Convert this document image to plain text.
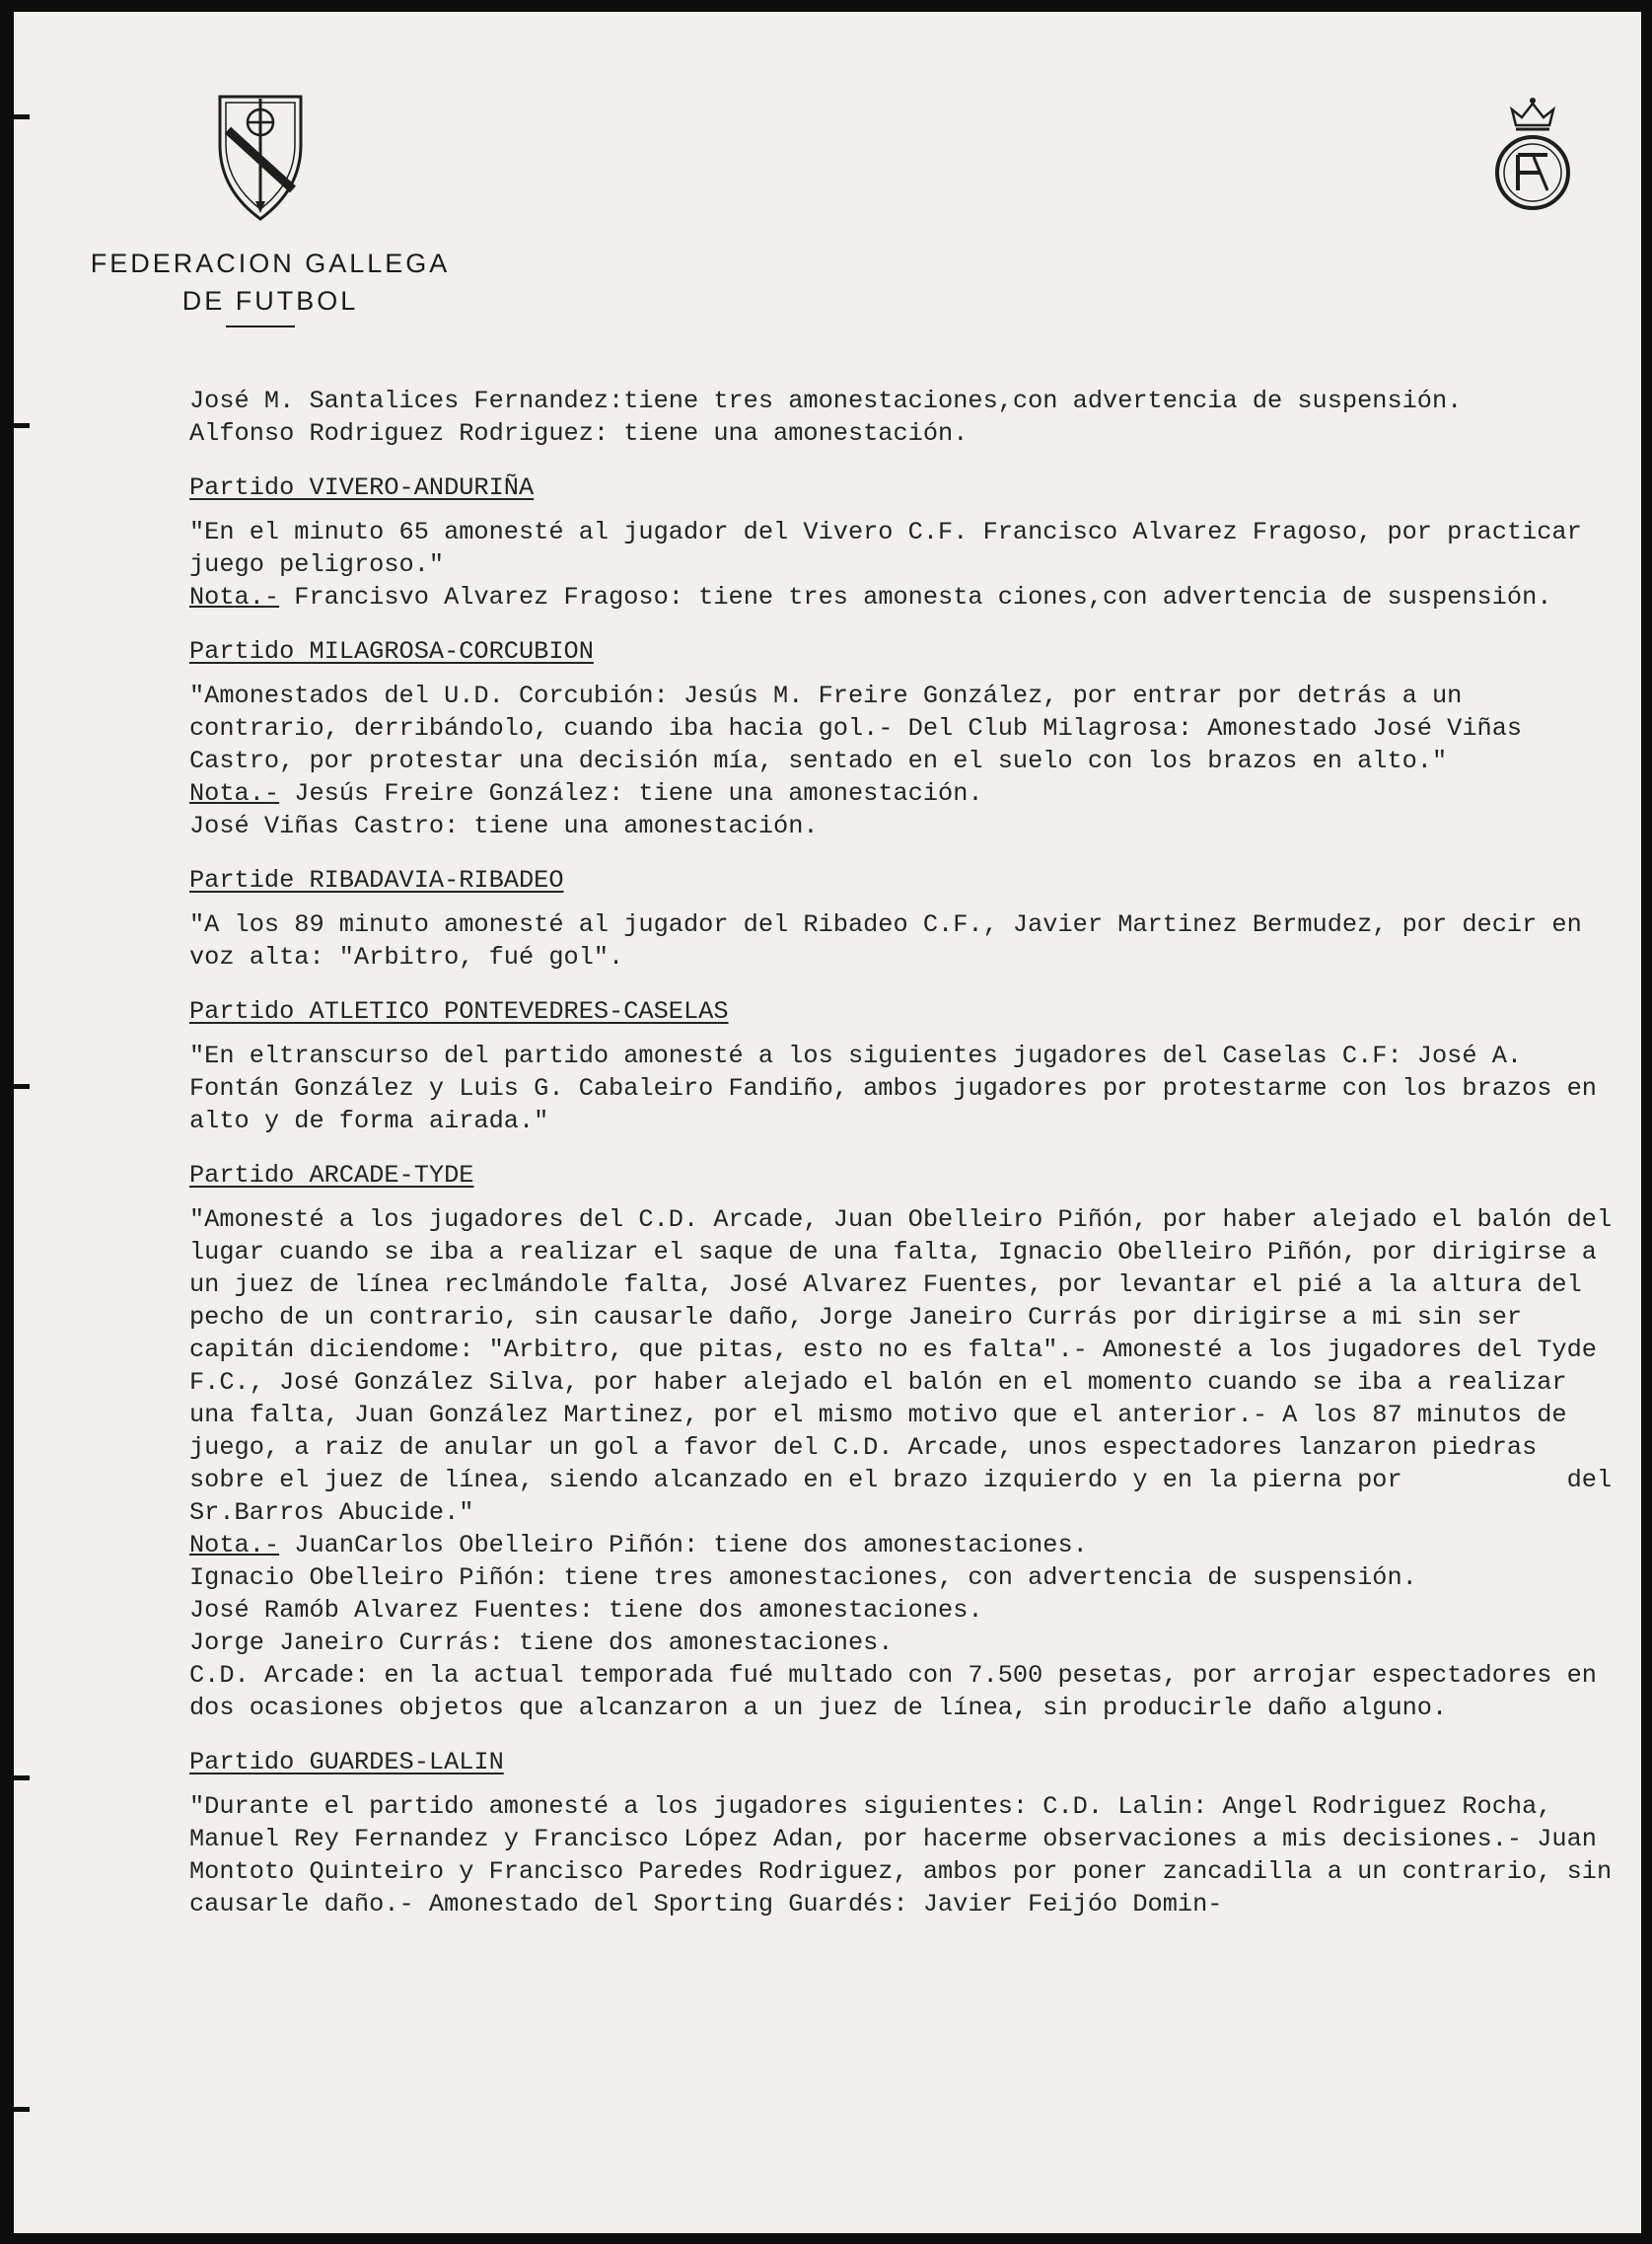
FEDERACION GALLEGA
DE FUTBOL

José M. Santalices Fernandez:tiene tres amonestaciones,con advertencia de suspensión.

Alfonso Rodriguez Rodriguez: tiene una amonestación.

Partido VIVERO-ANDURIÑA

"En el minuto 65 amonesté al jugador del Vivero C.F. Francisco Alvarez Fragoso, por practicar juego peligroso."

Nota.- Francisvo Alvarez Fragoso: tiene tres amonesta ciones,con advertencia de suspensión.

Partido MILAGROSA-CORCUBION

"Amonestados del U.D. Corcubión: Jesús M. Freire González, por entrar por detrás a un contrario, derribándolo, cuando iba hacia gol.- Del Club Milagrosa: Amonestado José Viñas Castro, por protestar una decisión mía, sentado en el suelo con los brazos en alto."

Nota.- Jesús Freire González: tiene una amonestación.

José Viñas Castro: tiene una amonestación.

Partide RIBADAVIA-RIBADEO

"A los 89 minuto amonesté al jugador del Ribadeo C.F., Javier Martinez Bermudez, por decir en voz alta: "Arbitro, fué gol".

Partido ATLETICO PONTEVEDRES-CASELAS

"En eltranscurso del partido amonesté a los siguientes jugadores del Caselas C.F: José A. Fontán González y Luis G. Cabaleiro Fandiño, ambos jugadores por protestarme con los brazos en alto y de forma airada."

Partido ARCADE-TYDE

"Amonesté a los jugadores del C.D. Arcade, Juan Obelleiro Piñón, por haber alejado el balón del lugar cuando se iba a realizar el saque de una falta, Ignacio Obelleiro Piñón, por dirigirse a un juez de línea reclmándole falta, José Alvarez Fuentes, por levantar el pié a la altura del pecho de un contrario, sin causarle daño, Jorge Janeiro Currás por dirigirse a mi sin ser capitán diciendome: "Arbitro, que pitas, esto no es falta".- Amonesté a los jugadores del Tyde F.C., José González Silva, por haber alejado el balón en el momento cuando se iba a realizar una falta, Juan González Martinez, por el mismo motivo que el anterior.- A los 87 minutos de juego, a raiz de anular un gol a favor del C.D. Arcade, unos espectadores lanzaron piedras sobre el juez de línea, siendo alcanzado en el brazo izquierdo y en la pierna por           del Sr.Barros Abucide."

Nota.- JuanCarlos Obelleiro Piñón: tiene dos amonestaciones.

Ignacio Obelleiro Piñón: tiene tres amonestaciones, con advertencia de suspensión.

José Ramób Alvarez Fuentes: tiene dos amonestaciones.

Jorge Janeiro Currás: tiene dos amonestaciones.

C.D. Arcade: en la actual temporada fué multado con 7.500 pesetas, por arrojar espectadores en dos ocasiones objetos que alcanzaron a un juez de línea, sin producirle daño alguno.

Partido GUARDES-LALIN

"Durante el partido amonesté a los jugadores siguientes: C.D. Lalin: Angel Rodriguez Rocha, Manuel Rey Fernandez y Francisco López Adan, por hacerme observaciones a mis decisiones.- Juan Montoto Quinteiro y Francisco Paredes Rodriguez, ambos por poner zancadilla a un contrario, sin causarle daño.- Amonestado del Sporting Guardés: Javier Feijóo Domin-
